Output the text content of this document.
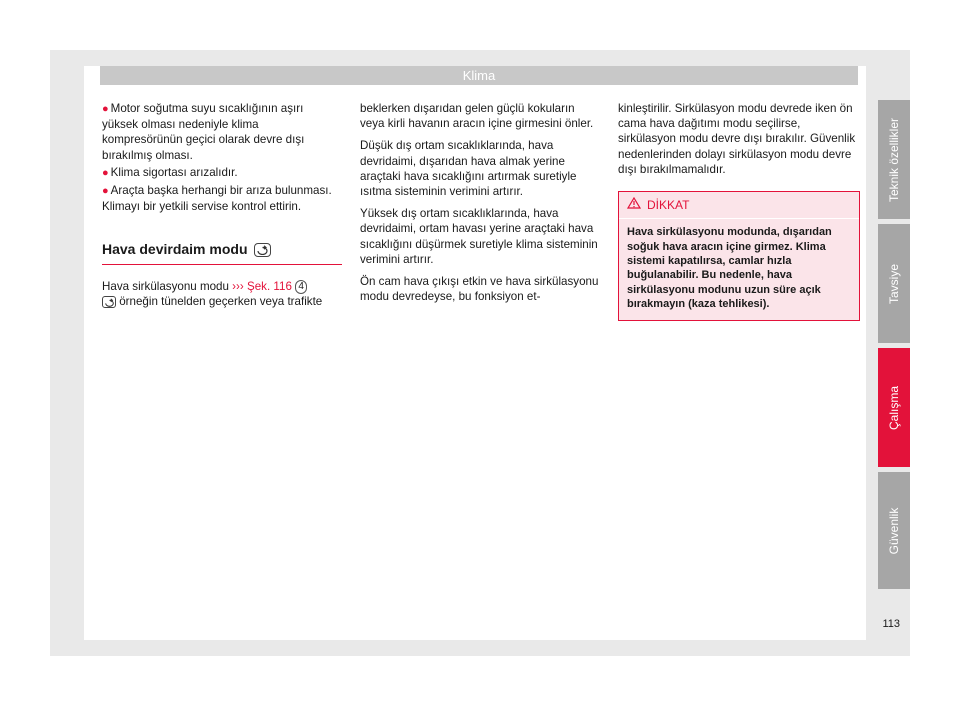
Klima
● Motor soğutma suyu sıcaklığının aşırı yüksek olması nedeniyle klima kompresörünün geçici olarak devre dışı bırakılmış olması.
● Klima sigortası arızalıdır.
● Araçta başka herhangi bir arıza bulunması. Klimayı bir yetkili servise kontrol ettirin.
Hava devirdaim modu
Hava sirkülasyonu modu ››› Şek. 116 4

örneğin tünelden geçerken veya trafikte

beklerken dışarıdan gelen güçlü kokuların veya kirli havanın aracın içine girmesini önler.

Düşük dış ortam sıcaklıklarında, hava devridaimi, dışarıdan hava almak yerine araçtaki hava sıcaklığını artırmak suretiyle ısıtma sisteminin verimini artırır.

Yüksek dış ortam sıcaklıklarında, hava devridaimi, ortam havası yerine araçtaki hava sıcaklığını düşürmek suretiyle klima sisteminin verimini artırır.

Ön cam hava çıkışı etkin ve hava sirkülasyonu modu devredeyse, bu fonksiyon et-

kinleştirilir. Sirkülasyon modu devrede iken ön cama hava dağıtımı modu seçilirse, sirkülasyon modu devre dışı bırakılır. Güvenlik nedenlerinden dolayı sirkülasyon modu devre dışı bırakılmamalıdır.

DİKKAT
Hava sirkülasyonu modunda, dışarıdan soğuk hava aracın içine girmez. Klima sistemi kapatılırsa, camlar hızla buğulanabilir. Bu nedenle, hava sirkülasyonu modunu uzun süre açık bırakmayın (kaza tehlikesi).
Teknik özellikler
Tavsiye
Çalışma
Güvenlik
113
